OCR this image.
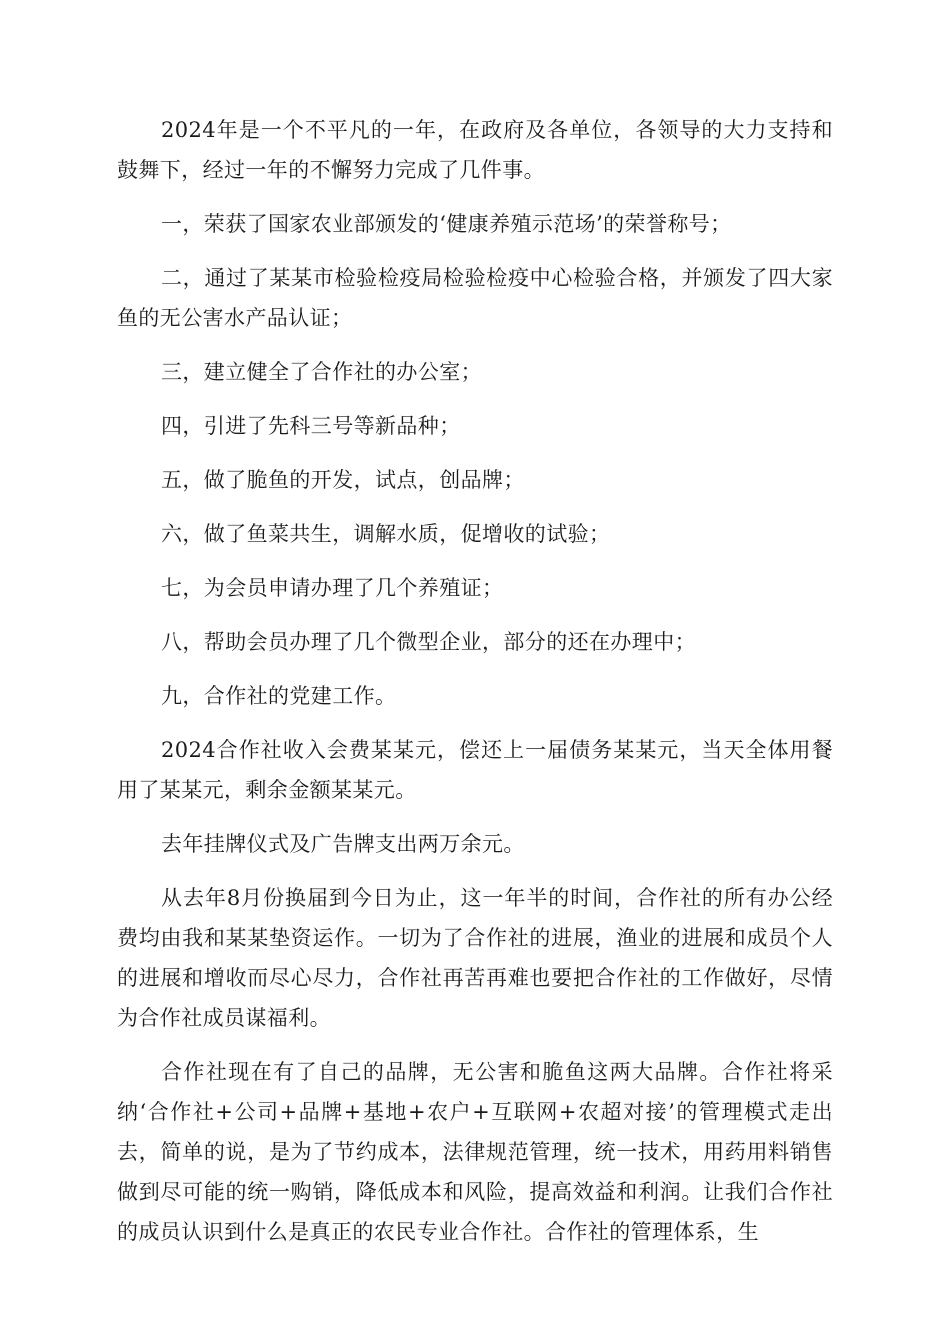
2024年是一个不平凡的一年，在政府及各单位，各领导的大力支持和鼓舞下，经过一年的不懈努力完成了几件事。

一，荣获了国家农业部颁发的‘健康养殖示范场’的荣誉称号；

二，通过了某某市检验检疫局检验检疫中心检验合格，并颁发了四大家鱼的无公害水产品认证；

三，建立健全了合作社的办公室；

四，引进了先科三号等新品种；

五，做了脆鱼的开发，试点，创品牌；

六，做了鱼菜共生，调解水质，促增收的试验；

七，为会员申请办理了几个养殖证；

八，帮助会员办理了几个微型企业，部分的还在办理中；

九，合作社的党建工作。

2024合作社收入会费某某元，偿还上一届债务某某元，当天全体用餐用了某某元，剩余金额某某元。

去年挂牌仪式及广告牌支出两万余元。

从去年8月份换届到今日为止，这一年半的时间，合作社的所有办公经费均由我和某某垫资运作。一切为了合作社的进展，渔业的进展和成员个人的进展和增收而尽心尽力，合作社再苦再难也要把合作社的工作做好，尽情为合作社成员谋福利。

合作社现在有了自己的品牌，无公害和脆鱼这两大品牌。合作社将采纳‘合作社+公司+品牌+基地+农户+互联网+农超对接’的管理模式走出去，简单的说，是为了节约成本，法律规范管理，统一技术，用药用料销售做到尽可能的统一购销，降低成本和风险，提高效益和利润。让我们合作社的成员认识到什么是真正的农民专业合作社。合作社的管理体系，生
